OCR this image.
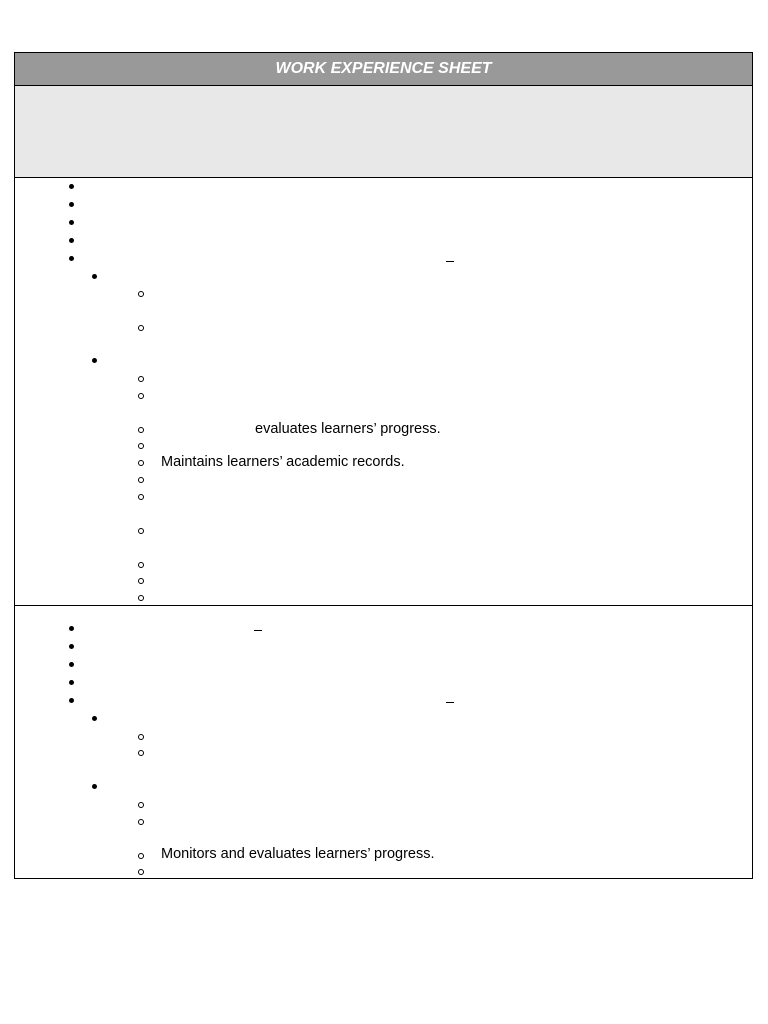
WORK EXPERIENCE SHEET
evaluates learners’ progress.
Maintains learners’ academic records.
Monitors and evaluates learners’ progress.
